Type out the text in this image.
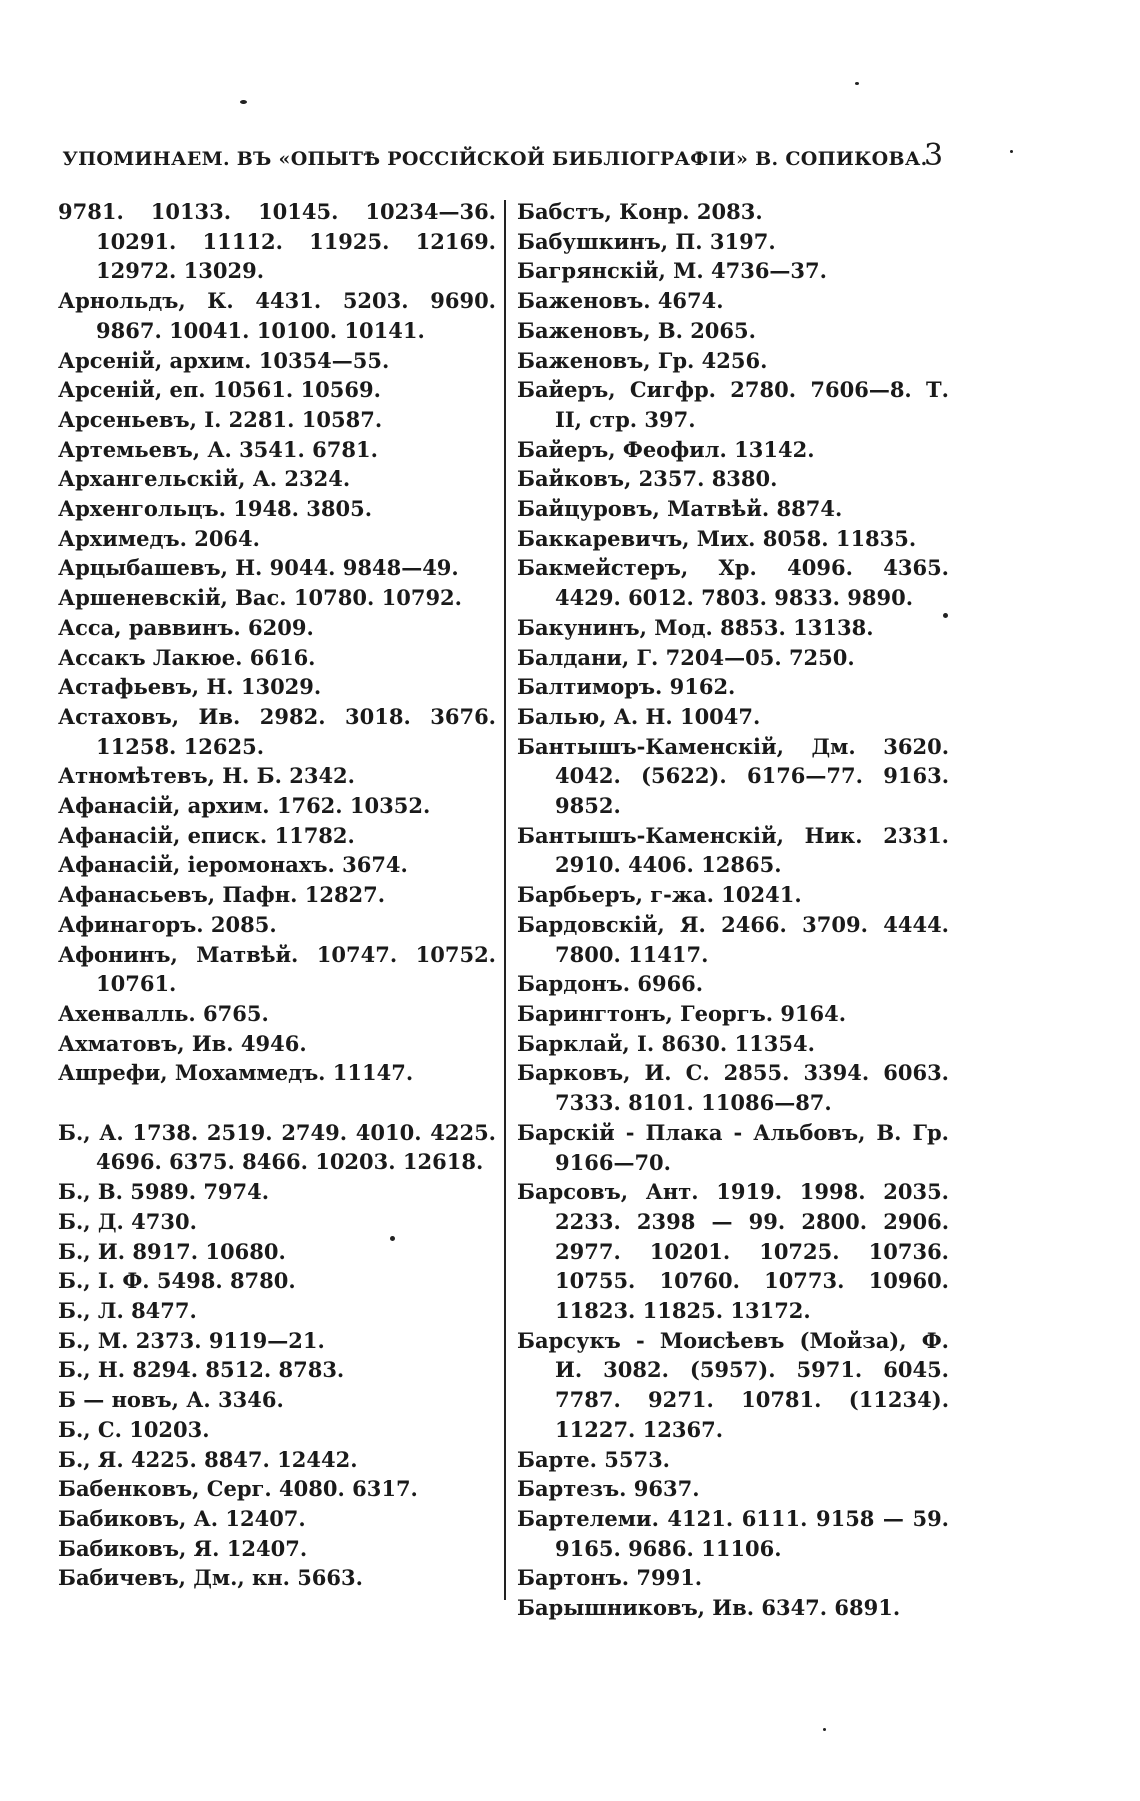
УПОМИНАЕМ. ВЪ «ОПЫТѢ РОССІЙСКОЙ БИБЛІОГРАФІИ» В. СОПИКОВА.
3
9781. 10133. 10145. 10234—36. 10291. 11112. 11925. 12169. 12972. 13029.
Арнольдъ, К. 4431. 5203. 9690. 9867. 10041. 10100. 10141.
Арсеній, архим. 10354—55.
Арсеній, еп. 10561. 10569.
Арсеньевъ, І. 2281. 10587.
Артемьевъ, А. 3541. 6781.
Архангельскій, А. 2324.
Архенгольцъ. 1948. 3805.
Архимедъ. 2064.
Арцыбашевъ, Н. 9044. 9848—49.
Аршеневскій, Вас. 10780. 10792.
Асса, раввинъ. 6209.
Ассакъ Лакюе. 6616.
Астафьевъ, Н. 13029.
Астаховъ, Ив. 2982. 3018. 3676. 11258. 12625.
Атномѣтевъ, Н. Б. 2342.
Афанасій, архим. 1762. 10352.
Афанасій, епиcк. 11782.
Афанасій, іеромонахъ. 3674.
Афанасьевъ, Пафн. 12827.
Афинагоръ. 2085.
Афонинъ, Матвѣй. 10747. 10752. 10761.
Ахенвалль. 6765.
Ахматовъ, Ив. 4946.
Ашрефи, Мохаммедъ. 11147.
Б., А. 1738. 2519. 2749. 4010. 4225. 4696. 6375. 8466. 10203. 12618.
Б., В. 5989. 7974.
Б., Д. 4730.
Б., И. 8917. 10680.
Б., І. Ф. 5498. 8780.
Б., Л. 8477.
Б., М. 2373. 9119—21.
Б., Н. 8294. 8512. 8783.
Б — новъ, А. 3346.
Б., С. 10203.
Б., Я. 4225. 8847. 12442.
Бабенковъ, Серг. 4080. 6317.
Бабиковъ, А. 12407.
Бабиковъ, Я. 12407.
Бабичевъ, Дм., кн. 5663.
Бабстъ, Конр. 2083.
Бабушкинъ, П. 3197.
Багрянскій, М. 4736—37.
Баженовъ. 4674.
Баженовъ, В. 2065.
Баженовъ, Гр. 4256.
Байеръ, Сигфр. 2780. 7606—8. Т. II, стр. 397.
Байеръ, Феофил. 13142.
Байковъ, 2357. 8380.
Байцуровъ, Матвѣй. 8874.
Баккаревичъ, Мих. 8058. 11835.
Бакмейстеръ, Хр. 4096. 4365. 4429. 6012. 7803. 9833. 9890.
Бакунинъ, Мод. 8853. 13138.
Балдани, Г. 7204—05. 7250.
Балтиморъ. 9162.
Балью, А. Н. 10047.
Бантышъ-Каменскій, Дм. 3620. 4042. (5622). 6176—77. 9163. 9852.
Бантышъ-Каменскій, Ник. 2331. 2910. 4406. 12865.
Барбьеръ, г-жа. 10241.
Бардовскій, Я. 2466. 3709. 4444. 7800. 11417.
Бардонъ. 6966.
Барингтонъ, Георгъ. 9164.
Барклай, І. 8630. 11354.
Барковъ, И. С. 2855. 3394. 6063. 7333. 8101. 11086—87.
Барскій - Плака - Альбовъ, В. Гр. 9166—70.
Барсовъ, Ант. 1919. 1998. 2035. 2233. 2398 — 99. 2800. 2906. 2977. 10201. 10725. 10736. 10755. 10760. 10773. 10960. 11823. 11825. 13172.
Барсукъ - Моисѣевъ (Мойза), Ф. И. 3082. (5957). 5971. 6045. 7787. 9271. 10781. (11234). 11227. 12367.
Барте. 5573.
Бартезъ. 9637.
Бартелеми. 4121. 6111. 9158 — 59. 9165. 9686. 11106.
Бартонъ. 7991.
Барышниковъ, Ив. 6347. 6891.
